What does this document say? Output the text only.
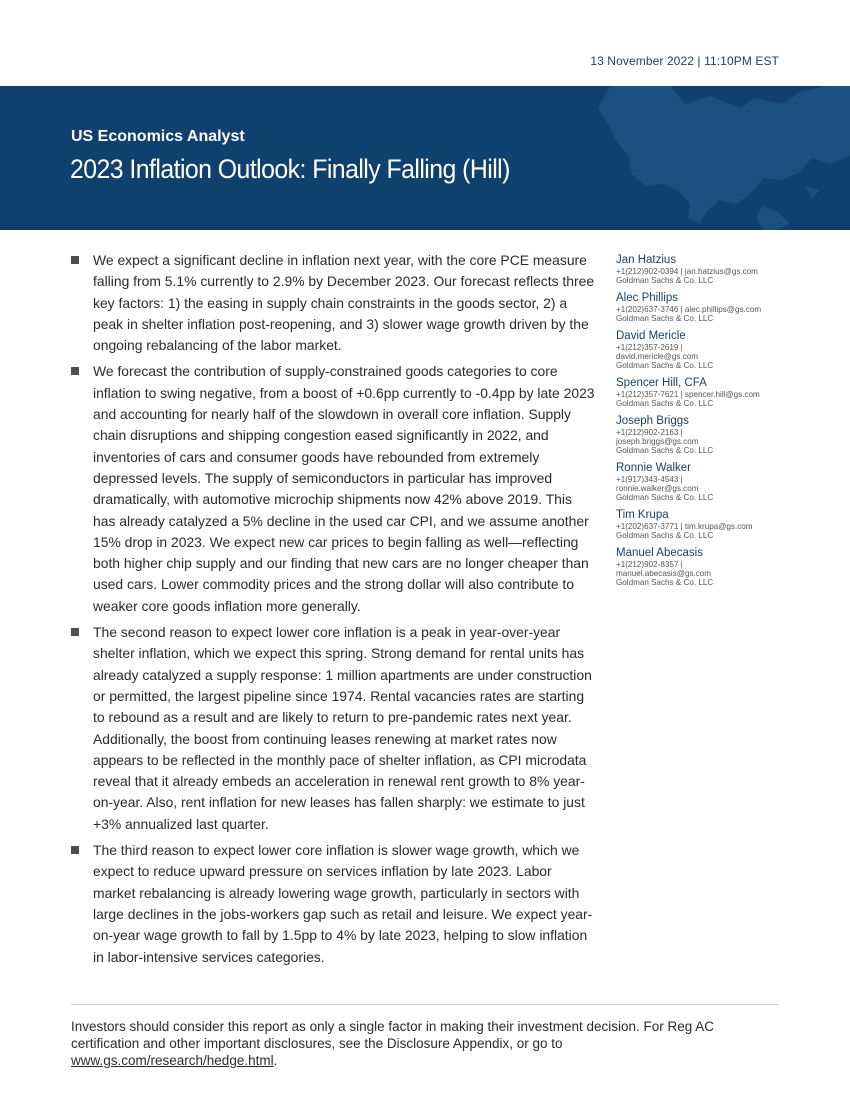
13 November 2022 | 11:10PM EST
US Economics Analyst
2023 Inflation Outlook: Finally Falling (Hill)
We expect a significant decline in inflation next year, with the core PCE measure falling from 5.1% currently to 2.9% by December 2023. Our forecast reflects three key factors: 1) the easing in supply chain constraints in the goods sector, 2) a peak in shelter inflation post-reopening, and 3) slower wage growth driven by the ongoing rebalancing of the labor market.
We forecast the contribution of supply-constrained goods categories to core inflation to swing negative, from a boost of +0.6pp currently to -0.4pp by late 2023 and accounting for nearly half of the slowdown in overall core inflation. Supply chain disruptions and shipping congestion eased significantly in 2022, and inventories of cars and consumer goods have rebounded from extremely depressed levels. The supply of semiconductors in particular has improved dramatically, with automotive microchip shipments now 42% above 2019. This has already catalyzed a 5% decline in the used car CPI, and we assume another 15% drop in 2023. We expect new car prices to begin falling as well—reflecting both higher chip supply and our finding that new cars are no longer cheaper than used cars. Lower commodity prices and the strong dollar will also contribute to weaker core goods inflation more generally.
The second reason to expect lower core inflation is a peak in year-over-year shelter inflation, which we expect this spring. Strong demand for rental units has already catalyzed a supply response: 1 million apartments are under construction or permitted, the largest pipeline since 1974. Rental vacancies rates are starting to rebound as a result and are likely to return to pre-pandemic rates next year. Additionally, the boost from continuing leases renewing at market rates now appears to be reflected in the monthly pace of shelter inflation, as CPI microdata reveal that it already embeds an acceleration in renewal rent growth to 8% year-on-year. Also, rent inflation for new leases has fallen sharply: we estimate to just +3% annualized last quarter.
The third reason to expect lower core inflation is slower wage growth, which we expect to reduce upward pressure on services inflation by late 2023. Labor market rebalancing is already lowering wage growth, particularly in sectors with large declines in the jobs-workers gap such as retail and leisure. We expect year-on-year wage growth to fall by 1.5pp to 4% by late 2023, helping to slow inflation in labor-intensive services categories.
Jan Hatzius
+1(212)902-0394 | jan.hatzius@gs.com
Goldman Sachs & Co. LLC
Alec Phillips
+1(202)637-3746 | alec.phillips@gs.com
Goldman Sachs & Co. LLC
David Mericle
+1(212)357-2619 |
david.mericle@gs.com
Goldman Sachs & Co. LLC
Spencer Hill, CFA
+1(212)357-7621 | spencer.hill@gs.com
Goldman Sachs & Co. LLC
Joseph Briggs
+1(212)902-2163 |
joseph.briggs@gs.com
Goldman Sachs & Co. LLC
Ronnie Walker
+1(917)343-4543 |
ronnie.walker@gs.com
Goldman Sachs & Co. LLC
Tim Krupa
+1(202)637-3771 | tim.krupa@gs.com
Goldman Sachs & Co. LLC
Manuel Abecasis
+1(212)902-8357 |
manuel.abecasis@gs.com
Goldman Sachs & Co. LLC
Investors should consider this report as only a single factor in making their investment decision. For Reg AC certification and other important disclosures, see the Disclosure Appendix, or go to
www.gs.com/research/hedge.html.
